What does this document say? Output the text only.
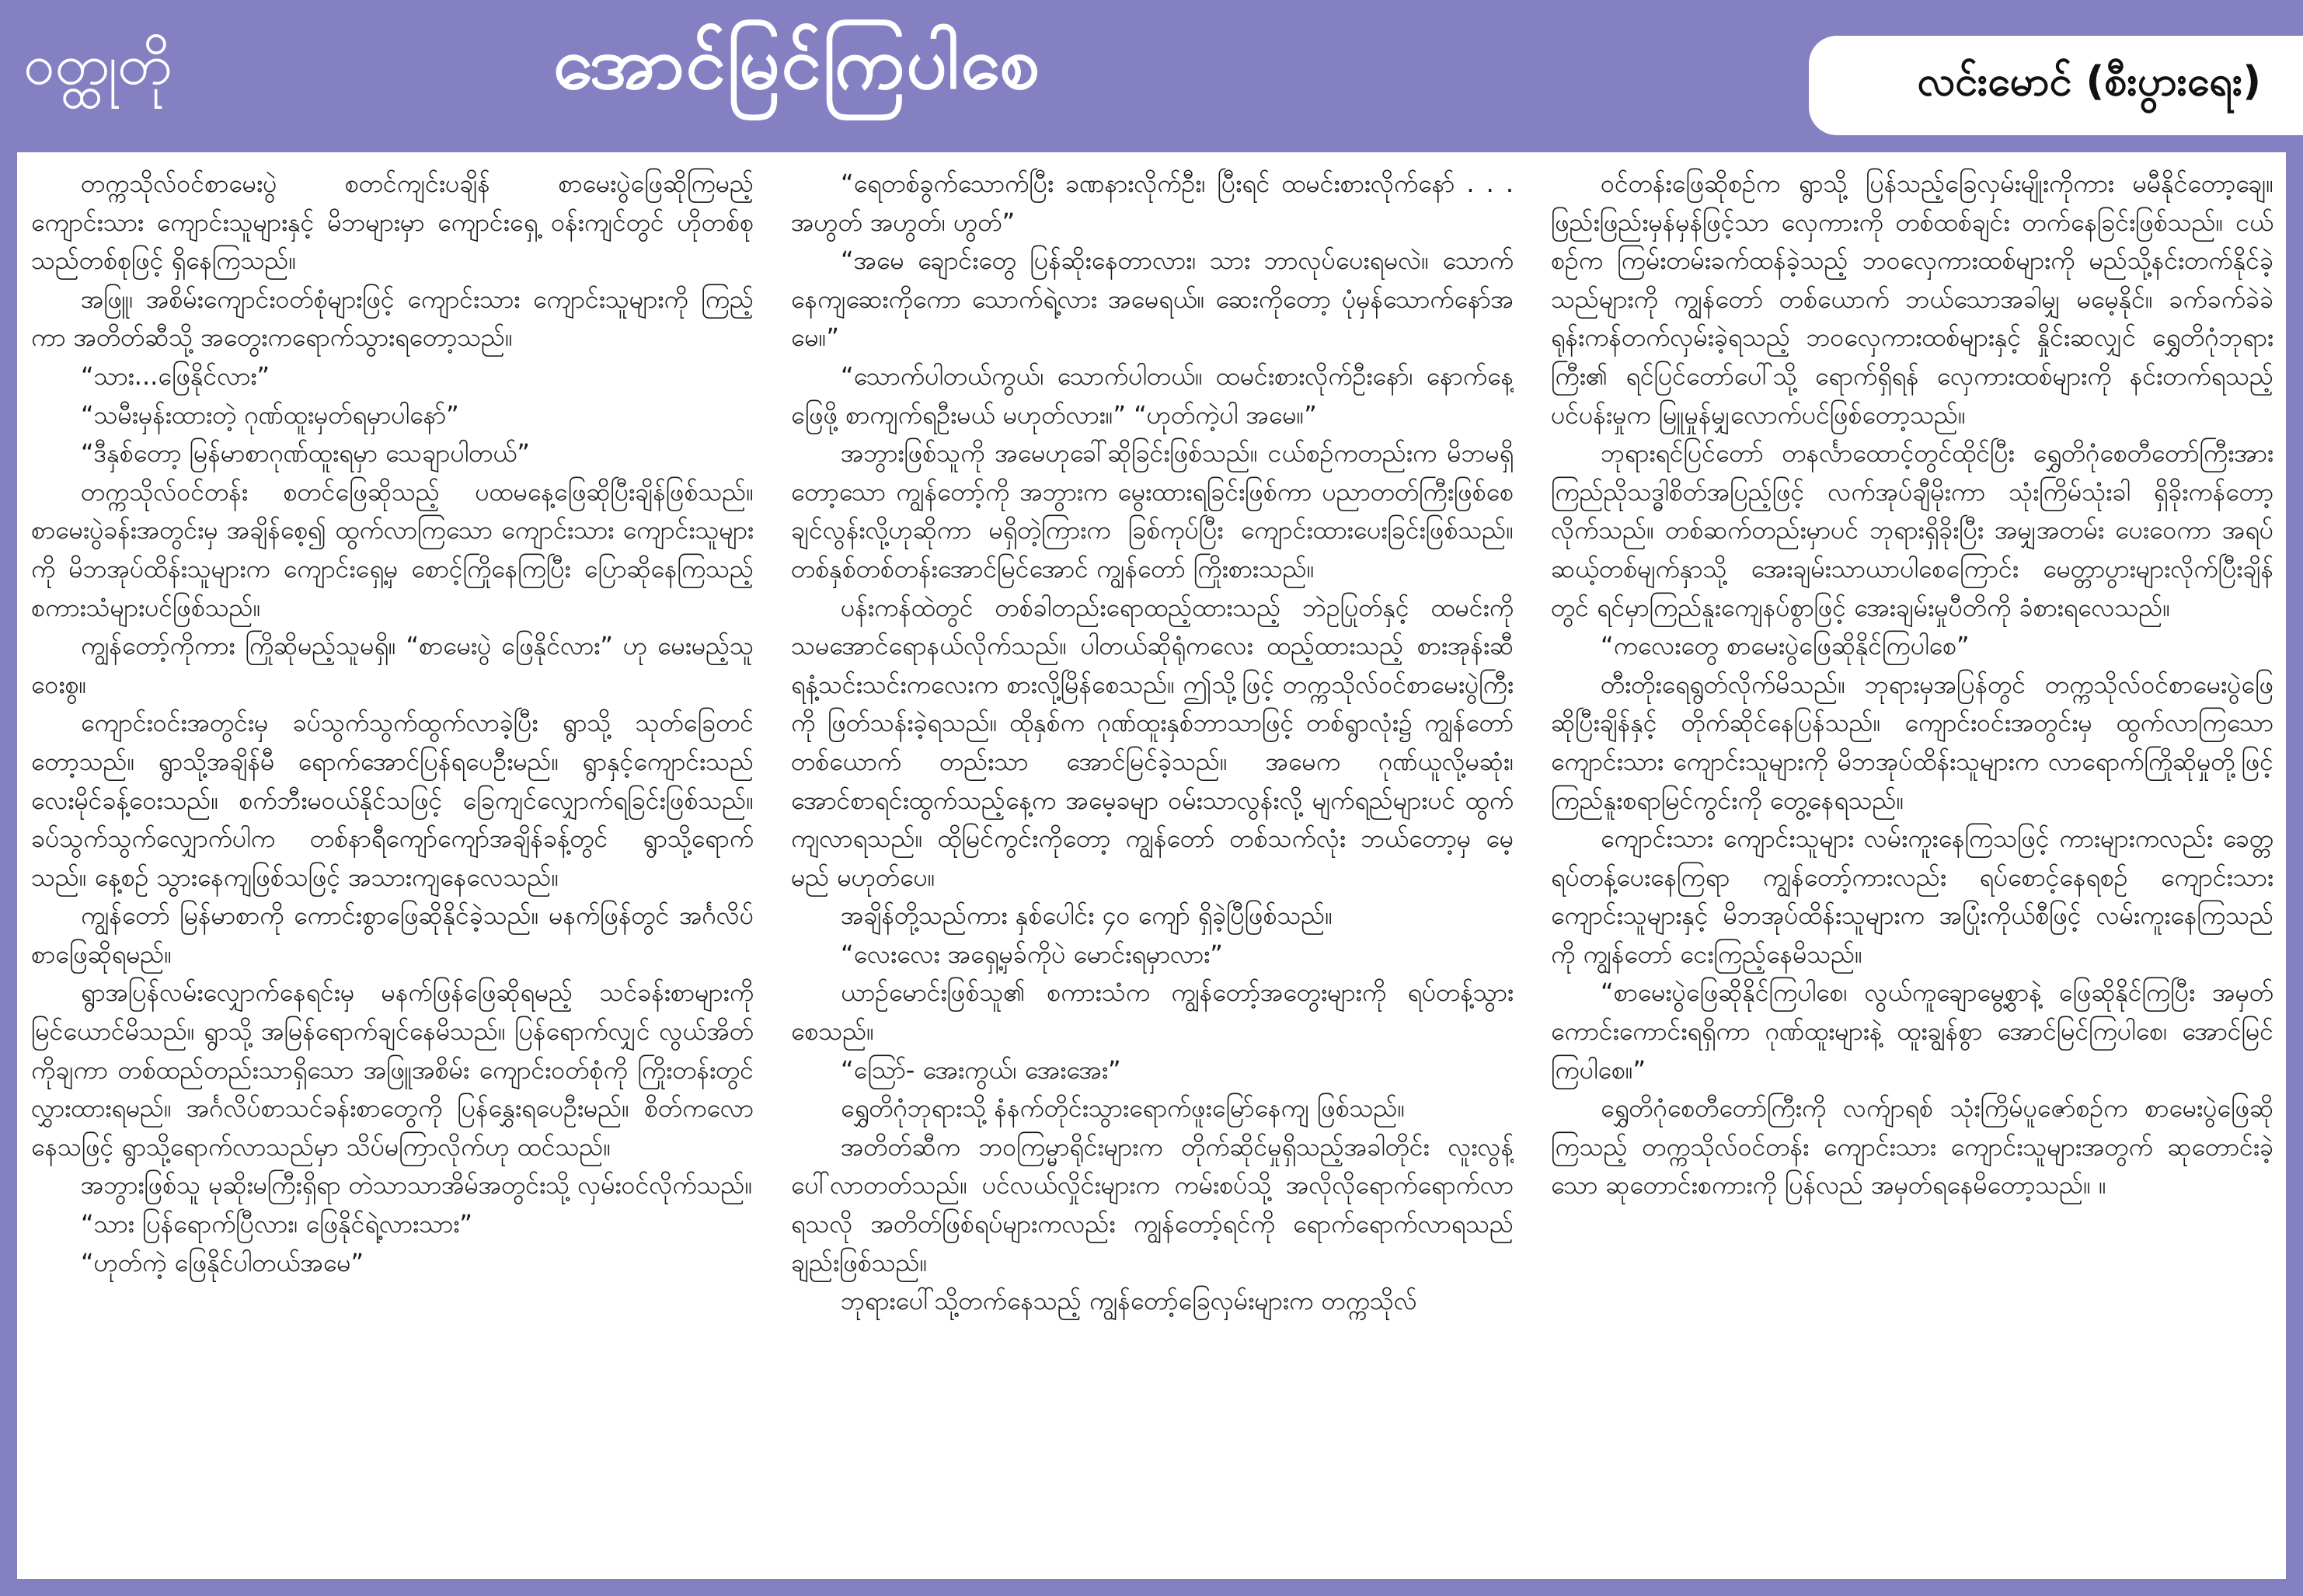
ဝတ္ထုတို	အောင်မြင်ကြပါစေ	လင်းမောင် (စီးပွားရေး)

တက္ကသိုလ်ဝင်စာမေးပွဲ စတင်ကျင်းပချိန် စာမေးပွဲဖြေဆိုကြမည့် ကျောင်းသား ကျောင်းသူများနှင့် မိဘများမှာ ကျောင်းရှေ့ ဝန်းကျင်တွင် ဟိုတစ်စု သည်တစ်စုဖြင့် ရှိနေကြသည်။

အဖြူ၊ အစိမ်းကျောင်းဝတ်စုံများဖြင့် ကျောင်းသား ကျောင်းသူများကို ကြည့်ကာ အတိတ်ဆီသို့ အတွေးကရောက်သွားရတော့သည်။

“သား...ဖြေနိုင်လား”

“သမီးမှန်းထားတဲ့ ဂုဏ်ထူးမှတ်ရမှာပါနော်”

“ဒီနှစ်တော့ မြန်မာစာဂုဏ်ထူးရမှာ သေချာပါတယ်”

တက္ကသိုလ်ဝင်တန်း စတင်ဖြေဆိုသည့် ပထမနေ့ဖြေဆိုပြီးချိန်ဖြစ်သည်။ စာမေးပွဲခန်းအတွင်းမှ အချိန်စေ့၍ ထွက်လာကြသော ကျောင်းသား ကျောင်းသူများကို မိဘအုပ်ထိန်းသူများက ကျောင်းရှေ့မှ စောင့်ကြိုနေကြပြီး ပြောဆိုနေကြသည့် စကားသံများပင်ဖြစ်သည်။

ကျွန်တော့်ကိုကား ကြိုဆိုမည့်သူမရှိ။ “စာမေးပွဲ ဖြေနိုင်လား” ဟု မေးမည့်သူဝေးစွ။

ကျောင်းဝင်းအတွင်းမှ ခပ်သွက်သွက်ထွက်လာခဲ့ပြီး ရွာသို့ သုတ်ခြေတင်တော့သည်။ ရွာသို့အချိန်မီ ရောက်အောင်ပြန်ရပေဦးမည်။ ရွာနှင့်ကျောင်းသည် လေးမိုင်ခန့်ဝေးသည်။ စက်ဘီးမဝယ်နိုင်သဖြင့် ခြေကျင်လျှောက်ရခြင်းဖြစ်သည်။ ခပ်သွက်သွက်လျှောက်ပါက တစ်နာရီကျော်ကျော်အချိန်ခန့်တွင် ရွာသို့ရောက်သည်။ နေ့စဉ် သွားနေကျဖြစ်သဖြင့် အသားကျနေလေသည်။

ကျွန်တော် မြန်မာစာကို ကောင်းစွာဖြေဆိုနိုင်ခဲ့သည်။ မနက်ဖြန်တွင် အင်္ဂလိပ်စာဖြေဆိုရမည်။

ရွာအပြန်လမ်းလျှောက်နေရင်းမှ မနက်ဖြန်ဖြေဆိုရမည့် သင်ခန်းစာများကို မြင်ယောင်မိသည်။ ရွာသို့ အမြန်ရောက်ချင်နေမိသည်။ ပြန်ရောက်လျှင် လွယ်အိတ်ကိုချကာ တစ်ထည်တည်းသာရှိသော အဖြူအစိမ်း ကျောင်းဝတ်စုံကို ကြိုးတန်းတွင် လွှားထားရမည်။ အင်္ဂလိပ်စာသင်ခန်းစာတွေကို ပြန်နွှေးရပေဦးမည်။ စိတ်ကလောနေသဖြင့် ရွာသို့ရောက်လာသည်မှာ သိပ်မကြာလိုက်ဟု ထင်သည်။

အဘွားဖြစ်သူ မုဆိုးမကြီးရှိရာ တဲသာသာအိမ်အတွင်းသို့ လှမ်းဝင်လိုက်သည်။

“သား ပြန်ရောက်ပြီလား၊ ဖြေနိုင်ရဲ့လားသား”

“ဟုတ်ကဲ့ ဖြေနိုင်ပါတယ်အမေ”

“ရေတစ်ခွက်သောက်ပြီး ခဏနားလိုက်ဦး၊ ပြီးရင် ထမင်းစားလိုက်နော် . . . အဟွတ် အဟွတ်၊ ဟွတ်”

“အမေ ချောင်းတွေ ပြန်ဆိုးနေတာလား၊ သား ဘာလုပ်ပေးရမလဲ။ သောက်နေကျဆေးကိုကော သောက်ရဲ့လား အမေရယ်။ ဆေးကိုတော့ ပုံမှန်သောက်နော်အမေ။”

“သောက်ပါတယ်ကွယ်၊ သောက်ပါတယ်။ ထမင်းစားလိုက်ဦးနော်၊ နောက်နေ့ဖြေဖို့ စာကျက်ရဦးမယ် မဟုတ်လား။” “ဟုတ်ကဲ့ပါ အမေ။”

အဘွားဖြစ်သူကို အမေဟုခေါ်ဆိုခြင်းဖြစ်သည်။ ငယ်စဉ်ကတည်းက မိဘမရှိတော့သော ကျွန်တော့်ကို အဘွားက မွေးထားရခြင်းဖြစ်ကာ ပညာတတ်ကြီးဖြစ်စေချင်လွန်းလို့ဟုဆိုကာ မရှိတဲ့ကြားက ခြစ်ကုပ်ပြီး ကျောင်းထားပေးခြင်းဖြစ်သည်။ တစ်နှစ်တစ်တန်းအောင်မြင်အောင် ကျွန်တော် ကြိုးစားသည်။

ပန်းကန်ထဲတွင် တစ်ခါတည်းရောထည့်ထားသည့် ဘဲဥပြုတ်နှင့် ထမင်းကို သမအောင်ရောနယ်လိုက်သည်။ ပါတယ်ဆိုရုံကလေး ထည့်ထားသည့် စားအုန်းဆီရနံ့သင်းသင်းကလေးက စားလို့မြိန်စေသည်။ ဤသို့ဖြင့် တက္ကသိုလ်ဝင်စာမေးပွဲကြီးကို ဖြတ်သန်းခဲ့ရသည်။ ထိုနှစ်က ဂုဏ်ထူးနှစ်ဘာသာဖြင့် တစ်ရွာလုံး၌ ကျွန်တော်တစ်ယောက် တည်းသာ အောင်မြင်ခဲ့သည်။ အမေက ဂုဏ်ယူလို့မဆုံး၊ အောင်စာရင်းထွက်သည့်နေ့က အမေ့ခမျာ ဝမ်းသာလွန်းလို့ မျက်ရည်များပင် ထွက်ကျလာရသည်။ ထိုမြင်ကွင်းကိုတော့ ကျွန်တော် တစ်သက်လုံး ဘယ်တော့မှ မေ့မည် မဟုတ်ပေ။

အချိန်တို့သည်ကား နှစ်ပေါင်း ၄၀ ကျော် ရှိခဲ့ပြီဖြစ်သည်။

“လေးလေး အရှေ့မှခ်ကိုပဲ မောင်းရမှာလား”

ယာဉ်မောင်းဖြစ်သူ၏ စကားသံက ကျွန်တော့်အတွေးများကို ရပ်တန့်သွားစေသည်။

“ဪ- အေးကွယ်၊ အေးအေး”

ရွှေတိဂုံဘုရားသို့ နံနက်တိုင်းသွားရောက်ဖူးမြော်နေကျ ဖြစ်သည်။

အတိတ်ဆီက ဘဝကြမ္မာရိုင်းများက တိုက်ဆိုင်မှုရှိသည့်အခါတိုင်း လူးလွန့်ပေါ်လာတတ်သည်။ ပင်လယ်လှိုင်းများက ကမ်းစပ်သို့ အလိုလိုရောက်ရောက်လာရသလို အတိတ်ဖြစ်ရပ်များကလည်း ကျွန်တော့်ရင်ကို ရောက်ရောက်လာရသည်ချည်းဖြစ်သည်။

ဘုရားပေါ်သို့တက်နေသည့် ကျွန်တော့်ခြေလှမ်းများက တက္ကသိုလ်

ဝင်တန်းဖြေဆိုစဉ်က ရွာသို့ ပြန်သည့်ခြေလှမ်းမျိုးကိုကား မမီနိုင်တော့ချေ။ ဖြည်းဖြည်းမှန်မှန်ဖြင့်သာ လှေကားကို တစ်ထစ်ချင်း တက်နေခြင်းဖြစ်သည်။ ငယ်စဉ်က ကြမ်းတမ်းခက်ထန်ခဲ့သည့် ဘဝလှေကားထစ်များကို မည်သို့နင်းတက်နိုင်ခဲ့သည်များကို ကျွန်တော် တစ်ယောက် ဘယ်သောအခါမျှ မမေ့နိုင်။ ခက်ခက်ခဲခဲ ရုန်းကန်တက်လှမ်းခဲ့ရသည့် ဘဝလှေကားထစ်များနှင့် နှိုင်းဆလျှင် ရွှေတိဂုံဘုရားကြီး၏ ရင်ပြင်တော်ပေါ်သို့ ရောက်ရှိရန် လှေကားထစ်များကို နင်းတက်ရသည့် ပင်ပန်းမှုက မြူမှုန်မျှလောက်ပင်ဖြစ်တော့သည်။

ဘုရားရင်ပြင်တော် တနင်္လာထောင့်တွင်ထိုင်ပြီး ရွှေတိဂုံစေတီတော်ကြီးအား ကြည်ညိုသဒ္ဓါစိတ်အပြည့်ဖြင့် လက်အုပ်ချီမိုးကာ သုံးကြိမ်သုံးခါ ရှိခိုးကန်တော့လိုက်သည်။ တစ်ဆက်တည်းမှာပင် ဘုရားရှိခိုးပြီး အမျှအတမ်း ပေးဝေကာ အရပ်ဆယ့်တစ်မျက်နှာသို့ အေးချမ်းသာယာပါစေကြောင်း မေတ္တာပွားများလိုက်ပြီးချိန်တွင် ရင်မှာကြည်နူးကျေနပ်စွာဖြင့် အေးချမ်းမှုပီတိကို ခံစားရလေသည်။

“ကလေးတွေ စာမေးပွဲဖြေဆိုနိုင်ကြပါစေ”

တီးတိုးရေရွတ်လိုက်မိသည်။ ဘုရားမှအပြန်တွင် တက္ကသိုလ်ဝင်စာမေးပွဲဖြေဆိုပြီးချိန်နှင့် တိုက်ဆိုင်နေပြန်သည်။ ကျောင်းဝင်းအတွင်းမှ ထွက်လာကြသော ကျောင်းသား ကျောင်းသူများကို မိဘအုပ်ထိန်းသူများက လာရောက်ကြိုဆိုမှုတို့ဖြင့် ကြည်နူးစရာမြင်ကွင်းကို တွေ့နေရသည်။

ကျောင်းသား ကျောင်းသူများ လမ်းကူးနေကြသဖြင့် ကားများကလည်း ခေတ္တရပ်တန့်ပေးနေကြရာ ကျွန်တော့်ကားလည်း ရပ်စောင့်နေရစဉ် ကျောင်းသား ကျောင်းသူများနှင့် မိဘအုပ်ထိန်းသူများက အပြုံးကိုယ်စီဖြင့် လမ်းကူးနေကြသည်ကို ကျွန်တော် ငေးကြည့်နေမိသည်။

“စာမေးပွဲဖြေဆိုနိုင်ကြပါစေ၊ လွယ်ကူချောမွေ့စွာနဲ့ ဖြေဆိုနိုင်ကြပြီး အမှတ်ကောင်းကောင်းရရှိကာ ဂုဏ်ထူးများနဲ့ ထူးချွန်စွာ အောင်မြင်ကြပါစေ၊ အောင်မြင်ကြပါစေ။”

ရွှေတိဂုံစေတီတော်ကြီးကို လက်ျာရစ် သုံးကြိမ်ပူဇော်စဉ်က စာမေးပွဲဖြေဆိုကြသည့် တက္ကသိုလ်ဝင်တန်း ကျောင်းသား ကျောင်းသူများအတွက် ဆုတောင်းခဲ့သော ဆုတောင်းစကားကို ပြန်လည် အမှတ်ရနေမိတော့သည်။ ။
